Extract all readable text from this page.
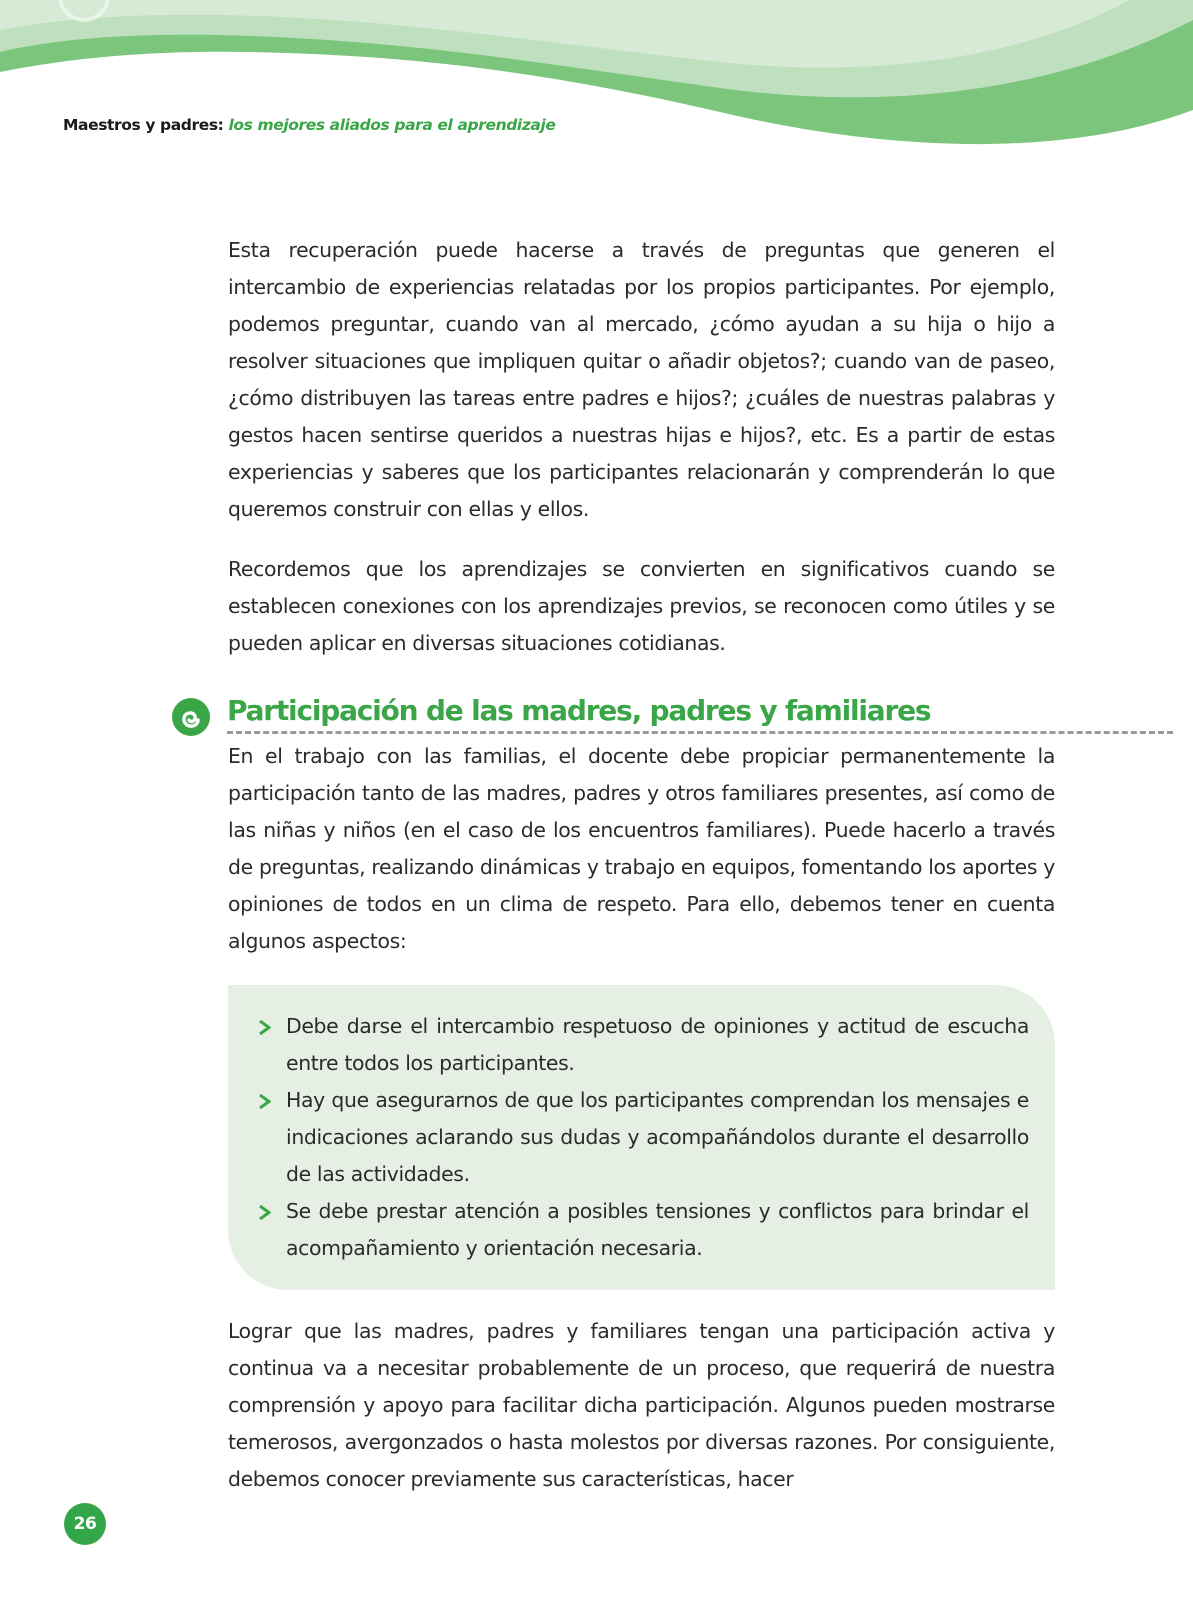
Maestros y padres: los mejores aliados para el aprendizaje

Esta recuperación puede hacerse a través de preguntas que generen el intercambio de experiencias relatadas por los propios participantes. Por ejemplo, podemos preguntar, cuando van al mercado, ¿cómo ayudan a su hija o hijo a resolver situaciones que impliquen quitar o añadir objetos?; cuando van de paseo, ¿cómo distribuyen las tareas entre padres e hijos?; ¿cuáles de nuestras palabras y gestos hacen sentirse queridos a nuestras hijas e hijos?, etc. Es a partir de estas experiencias y saberes que los participantes relacionarán y comprenderán lo que queremos construir con ellas y ellos.

Recordemos que los aprendizajes se convierten en significativos cuando se establecen conexiones con los aprendizajes previos, se reconocen como útiles y se pueden aplicar en diversas situaciones cotidianas.

Participación de las madres, padres y familiares

En el trabajo con las familias, el docente debe propiciar permanentemente la participación tanto de las madres, padres y otros familiares presentes, así como de las niñas y niños (en el caso de los encuentros familiares). Puede hacerlo a través de preguntas, realizando dinámicas y trabajo en equipos, fomentando los aportes y opiniones de todos en un clima de respeto. Para ello, debemos tener en cuenta algunos aspectos:

Debe darse el intercambio respetuoso de opiniones y actitud de escucha entre todos los participantes.
Hay que asegurarnos de que los participantes comprendan los mensajes e indicaciones aclarando sus dudas y acompañándolos durante el desarrollo de las actividades.
Se debe prestar atención a posibles tensiones y conflictos para brindar el acompañamiento y orientación necesaria.

Lograr que las madres, padres y familiares tengan una participación activa y continua va a necesitar probablemente de un proceso, que requerirá de nuestra comprensión y apoyo para facilitar dicha participación. Algunos pueden mostrarse temerosos, avergonzados o hasta molestos por diversas razones. Por consiguiente, debemos conocer previamente sus características, hacer

26
